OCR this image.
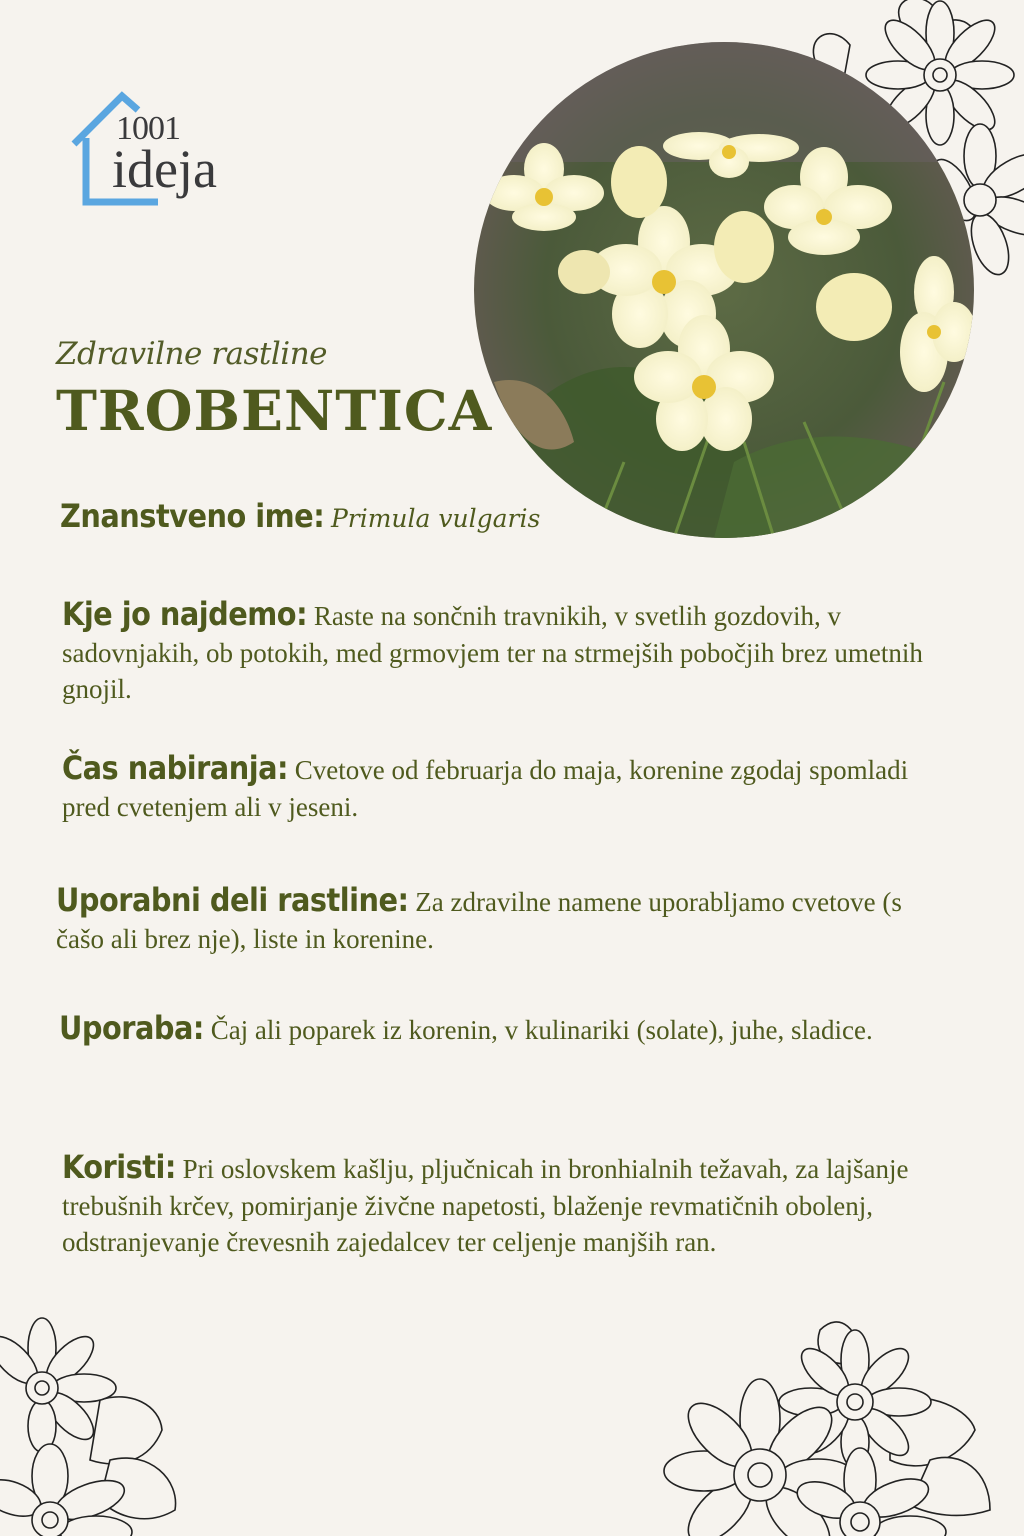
1001
ideja
Zdravilne rastline
TROBENTICA
Znanstveno ime: Primula vulgaris
Kje jo najdemo: Raste na sončnih travnikih, v svetlih gozdovih, v sadovnjakih, ob potokih, med grmovjem ter na strmejših pobočjih brez umetnih gnojil.
Čas nabiranja: Cvetove od februarja do maja, korenine zgodaj spomladi pred cvetenjem ali v jeseni.
Uporabni deli rastline: Za zdravilne namene uporabljamo cvetove (s čašo ali brez nje), liste in korenine.
Uporaba: Čaj ali poparek iz korenin, v kulinariki (solate), juhe, sladice.
Koristi: Pri oslovskem kašlju, pljučnicah in bronhialnih težavah, za lajšanje trebušnih krčev, pomirjanje živčne napetosti, blaženje revmatičnih obolenj, odstranjevanje črevesnih zajedalcev ter celjenje manjših ran.
